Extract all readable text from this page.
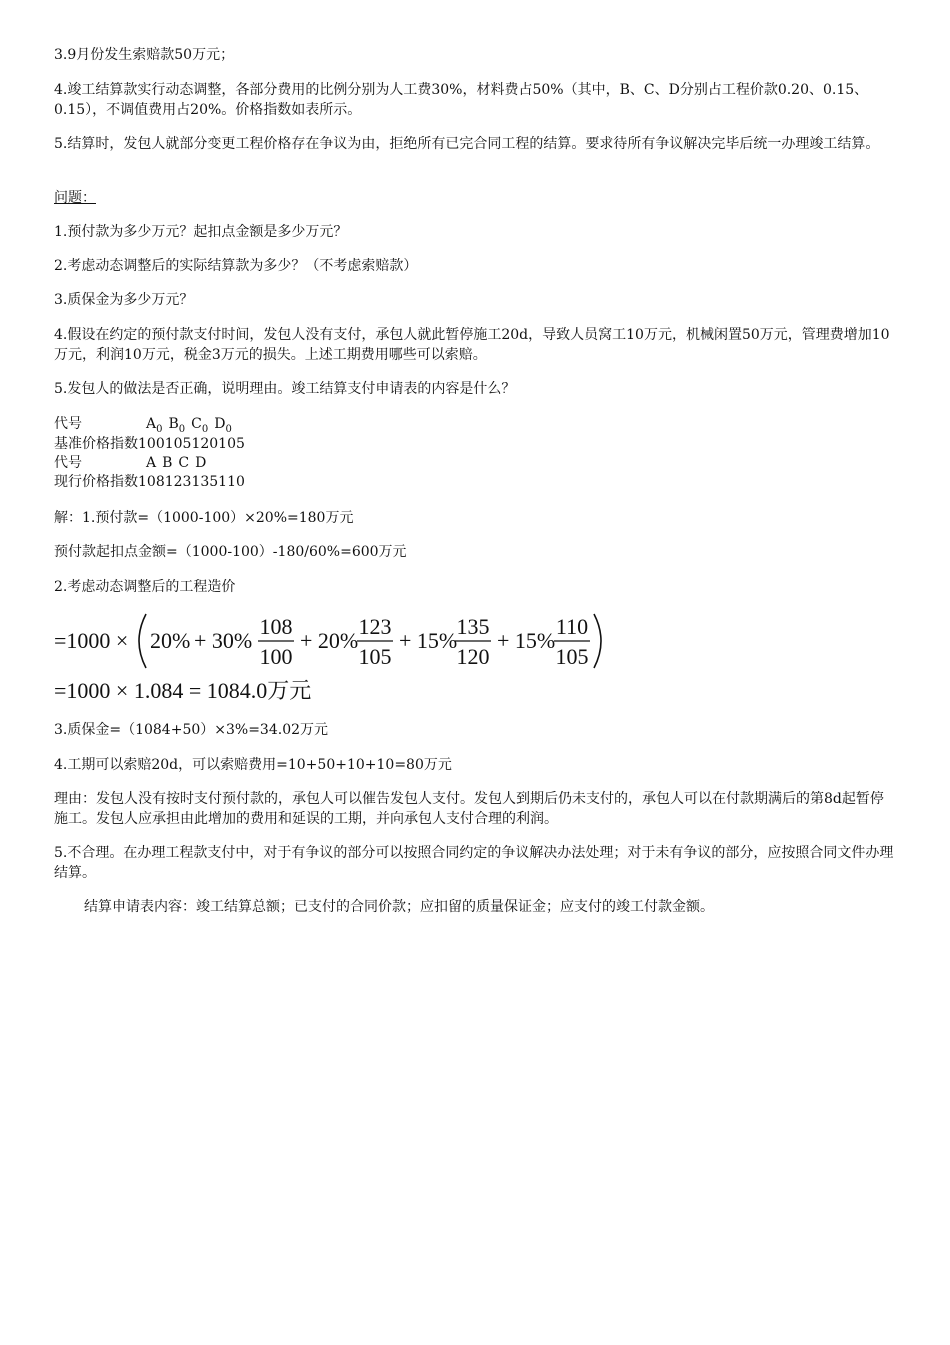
3.9月份发生索赔款50万元；

4.竣工结算款实行动态调整，各部分费用的比例分别为人工费30%，材料费占50%（其中，B、C、D分别占工程价款0.20、0.15、0.15），不调值费用占20%。价格指数如表所示。

5.结算时，发包人就部分变更工程价格存在争议为由，拒绝所有已完合同工程的结算。要求待所有争议解决完毕后统一办理竣工结算。

问题：

1.预付款为多少万元？起扣点金额是多少万元？

2.考虑动态调整后的实际结算款为多少？（不考虑索赔款）

3.质保金为多少万元？

4.假设在约定的预付款支付时间，发包人没有支付，承包人就此暂停施工20d，导致人员窝工10万元，机械闲置50万元，管理费增加10万元，利润10万元，税金3万元的损失。上述工期费用哪些可以索赔。

5.发包人的做法是否正确，说明理由。竣工结算支付申请表的内容是什么？

代号	$A_0$ $B_0$ $C_0$ $D_0$
基准价格指数100105120105
代号	A B C D
现行价格指数108123135110

解：1.预付款=（1000-100）×20%=180万元

预付款起扣点金额=（1000-100）-180/60%=600万元

2.考虑动态调整后的工程造价

=1000 × 20% + 30%
108
100
+ 20%
123
105
+ 15%
135
120
+ 15%
110
105
=1000 × 1.084 = 1084.0万元

3.质保金=（1084+50）×3%=34.02万元

4.工期可以索赔20d，可以索赔费用=10+50+10+10=80万元

理由：发包人没有按时支付预付款的，承包人可以催告发包人支付。发包人到期后仍未支付的，承包人可以在付款期满后的第8d起暂停施工。发包人应承担由此增加的费用和延误的工期，并向承包人支付合理的利润。

5.不合理。在办理工程款支付中，对于有争议的部分可以按照合同约定的争议解决办法处理；对于未有争议的部分，应按照合同文件办理结算。

结算申请表内容：竣工结算总额；已支付的合同价款；应扣留的质量保证金；应支付的竣工付款金额。
